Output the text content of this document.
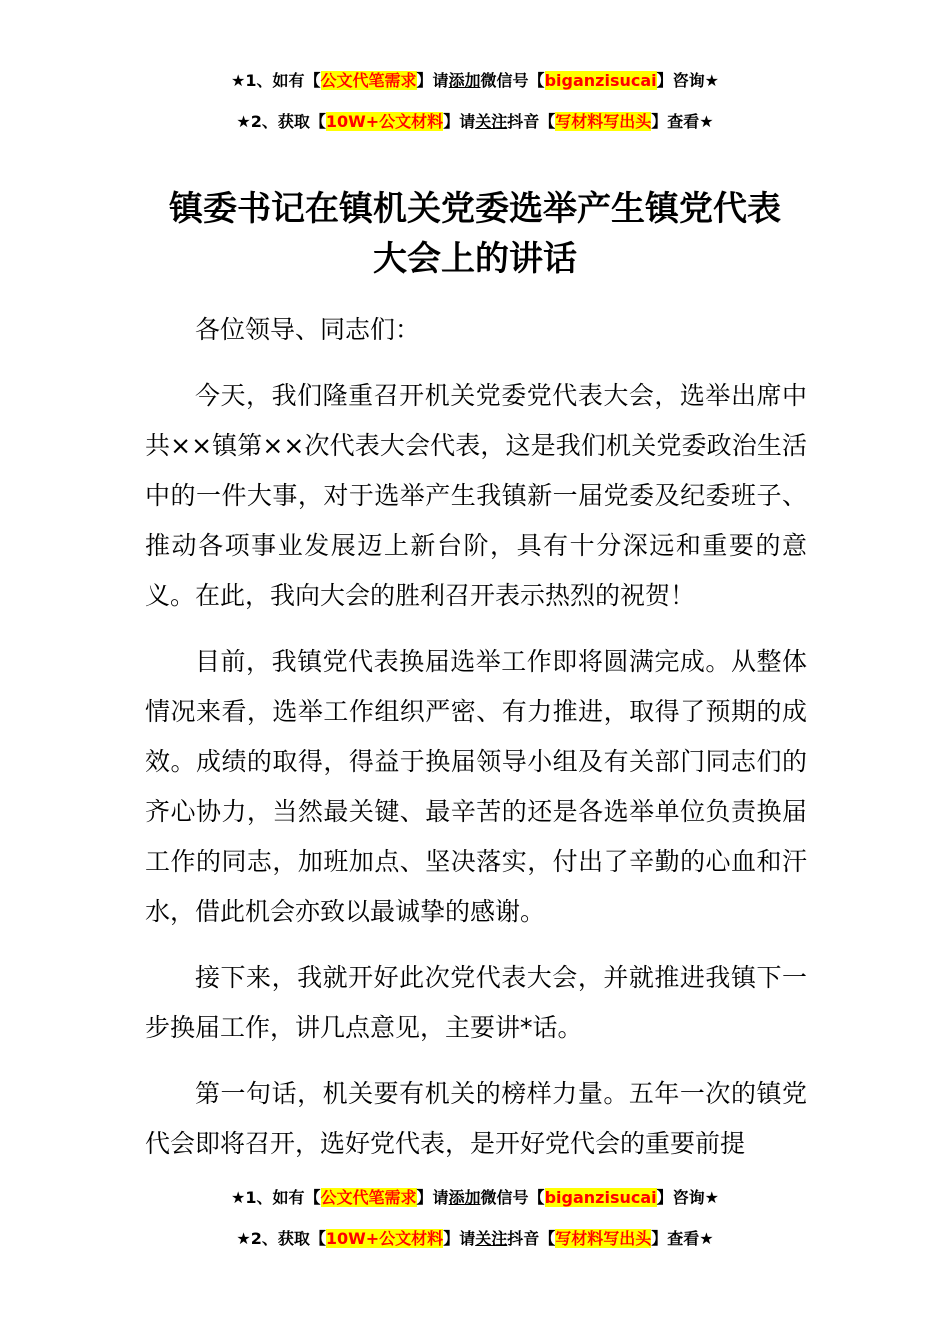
★1、如有【公文代笔需求】请添加微信号【biganzisucai】咨询★
★2、获取【10W+公文材料】请关注抖音【写材料写出头】查看★
镇委书记在镇机关党委选举产生镇党代表
大会上的讲话

各位领导、同志们：

今天，我们隆重召开机关党委党代表大会，选举出席中共××镇第××次代表大会代表，这是我们机关党委政治生活中的一件大事，对于选举产生我镇新一届党委及纪委班子、推动各项事业发展迈上新台阶，具有十分深远和重要的意义。在此，我向大会的胜利召开表示热烈的祝贺！

目前，我镇党代表换届选举工作即将圆满完成。从整体情况来看，选举工作组织严密、有力推进，取得了预期的成效。成绩的取得，得益于换届领导小组及有关部门同志们的齐心协力，当然最关键、最辛苦的还是各选举单位负责换届工作的同志，加班加点、坚决落实，付出了辛勤的心血和汗水，借此机会亦致以最诚挚的感谢。

接下来，我就开好此次党代表大会，并就推进我镇下一步换届工作，讲几点意见，主要讲*话。

第一句话，机关要有机关的榜样力量。五年一次的镇党代会即将召开，选好党代表，是开好党代会的重要前提

★1、如有【公文代笔需求】请添加微信号【biganzisucai】咨询★
★2、获取【10W+公文材料】请关注抖音【写材料写出头】查看★
